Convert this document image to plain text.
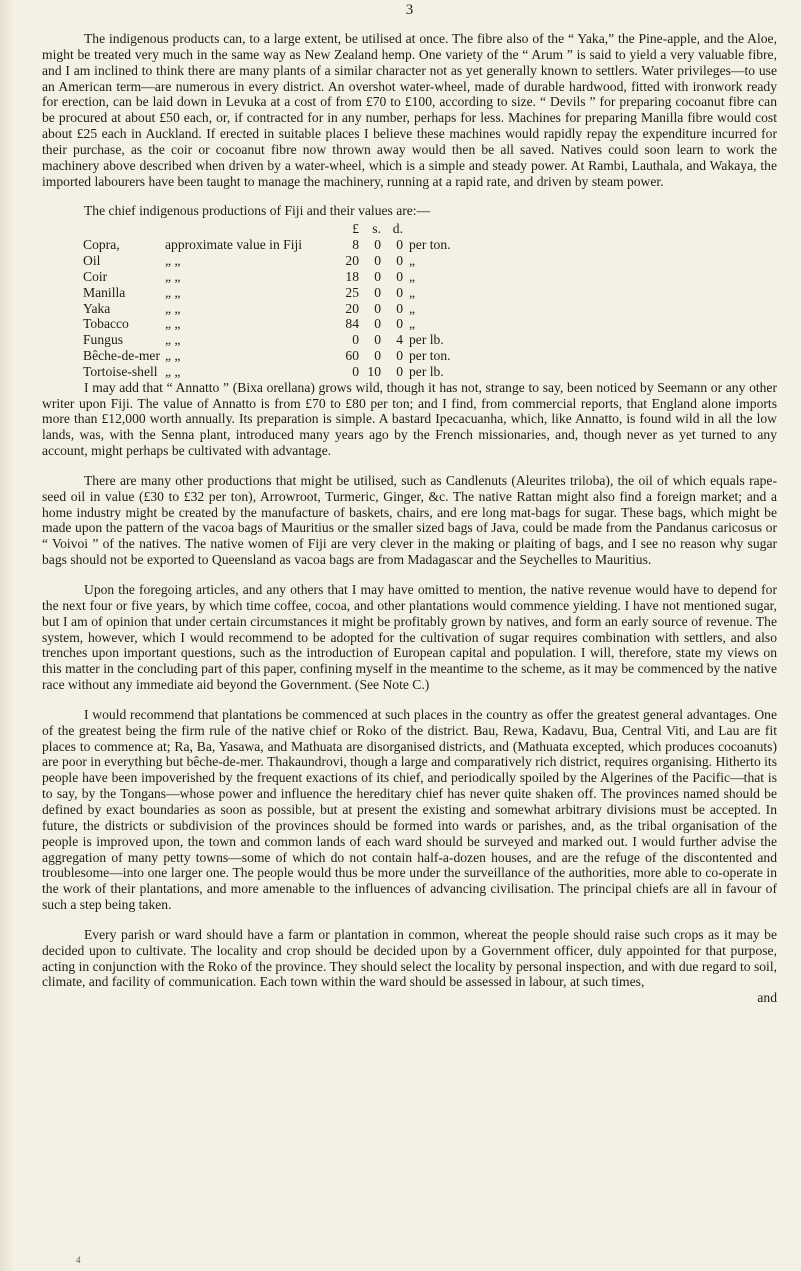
3

The indigenous products can, to a large extent, be utilised at once. The fibre also of the “ Yaka,” the Pine-apple, and the Aloe, might be treated very much in the same way as New Zealand hemp. One variety of the “ Arum ” is said to yield a very valuable fibre, and I am inclined to think there are many plants of a similar character not as yet generally known to settlers. Water privileges—to use an American term—are numerous in every district. An overshot water-wheel, made of durable hardwood, fitted with ironwork ready for erection, can be laid down in Levuka at a cost of from £70 to £100, according to size. “ Devils ” for preparing cocoanut fibre can be procured at about £50 each, or, if contracted for in any number, perhaps for less. Machines for preparing Manilla fibre would cost about £25 each in Auckland. If erected in suitable places I believe these machines would rapidly repay the expenditure incurred for their purchase, as the coir or cocoanut fibre now thrown away would then be all saved. Natives could soon learn to work the machinery above described when driven by a water-wheel, which is a simple and steady power. At Rambi, Lauthala, and Wakaya, the imported labourers have been taught to manage the machinery, running at a rapid rate, and driven by steam power.

The chief indigenous productions of Fiji and their values are:—

		£	s.	d.	
Copra,	approximate value in Fiji	8	0	0	per ton.
Oil	„ „	20	0	0	„
Coir	„ „	18	0	0	„
Manilla	„ „	25	0	0	„
Yaka	„ „	20	0	0	„
Tobacco	„ „	84	0	0	„
Fungus	„ „	0	0	4	per lb.
Bêche-de-mer	„ „	60	0	0	per ton.
Tortoise-shell	„ „	0	10	0	per lb.

I may add that “ Annatto ” (Bixa orellana) grows wild, though it has not, strange to say, been noticed by Seemann or any other writer upon Fiji. The value of Annatto is from £70 to £80 per ton; and I find, from commercial reports, that England alone imports more than £12,000 worth annually. Its preparation is simple. A bastard Ipecacuanha, which, like Annatto, is found wild in all the low lands, was, with the Senna plant, introduced many years ago by the French missionaries, and, though never as yet turned to any account, might perhaps be cultivated with advantage.

There are many other productions that might be utilised, such as Candlenuts (Aleurites triloba), the oil of which equals rape-seed oil in value (£30 to £32 per ton), Arrowroot, Turmeric, Ginger, &c. The native Rattan might also find a foreign market; and a home industry might be created by the manufacture of baskets, chairs, and ere long mat-bags for sugar. These bags, which might be made upon the pattern of the vacoa bags of Mauritius or the smaller sized bags of Java, could be made from the Pandanus caricosus or “ Voivoi ” of the natives. The native women of Fiji are very clever in the making or plaiting of bags, and I see no reason why sugar bags should not be exported to Queensland as vacoa bags are from Madagascar and the Seychelles to Mauritius.

Upon the foregoing articles, and any others that I may have omitted to mention, the native revenue would have to depend for the next four or five years, by which time coffee, cocoa, and other plantations would commence yielding. I have not mentioned sugar, but I am of opinion that under certain circumstances it might be profitably grown by natives, and form an early source of revenue. The system, however, which I would recommend to be adopted for the cultivation of sugar requires combination with settlers, and also trenches upon important questions, such as the introduction of European capital and population. I will, therefore, state my views on this matter in the concluding part of this paper, confining myself in the meantime to the scheme, as it may be commenced by the native race without any immediate aid beyond the Government. (See Note C.)

I would recommend that plantations be commenced at such places in the country as offer the greatest general advantages. One of the greatest being the firm rule of the native chief or Roko of the district. Bau, Rewa, Kadavu, Bua, Central Viti, and Lau are fit places to commence at; Ra, Ba, Yasawa, and Mathuata are disorganised districts, and (Mathuata excepted, which produces cocoanuts) are poor in everything but bêche-de-mer. Thakaundrovi, though a large and comparatively rich district, requires organising. Hitherto its people have been impoverished by the frequent exactions of its chief, and periodically spoiled by the Algerines of the Pacific—that is to say, by the Tongans—whose power and influence the hereditary chief has never quite shaken off. The provinces named should be defined by exact boundaries as soon as possible, but at present the existing and somewhat arbitrary divisions must be accepted. In future, the districts or subdivision of the provinces should be formed into wards or parishes, and, as the tribal organisation of the people is improved upon, the town and common lands of each ward should be surveyed and marked out. I would further advise the aggregation of many petty towns—some of which do not contain half-a-dozen houses, and are the refuge of the discontented and troublesome—into one larger one. The people would thus be more under the surveillance of the authorities, more able to co-operate in the work of their plantations, and more amenable to the influences of advancing civilisation. The principal chiefs are all in favour of such a step being taken.

Every parish or ward should have a farm or plantation in common, whereat the people should raise such crops as it may be decided upon to cultivate. The locality and crop should be decided upon by a Government officer, duly appointed for that purpose, acting in conjunction with the Roko of the province. They should select the locality by personal inspection, and with due regard to soil, climate, and facility of communication. Each town within the ward should be assessed in labour, at such times,

and
4
